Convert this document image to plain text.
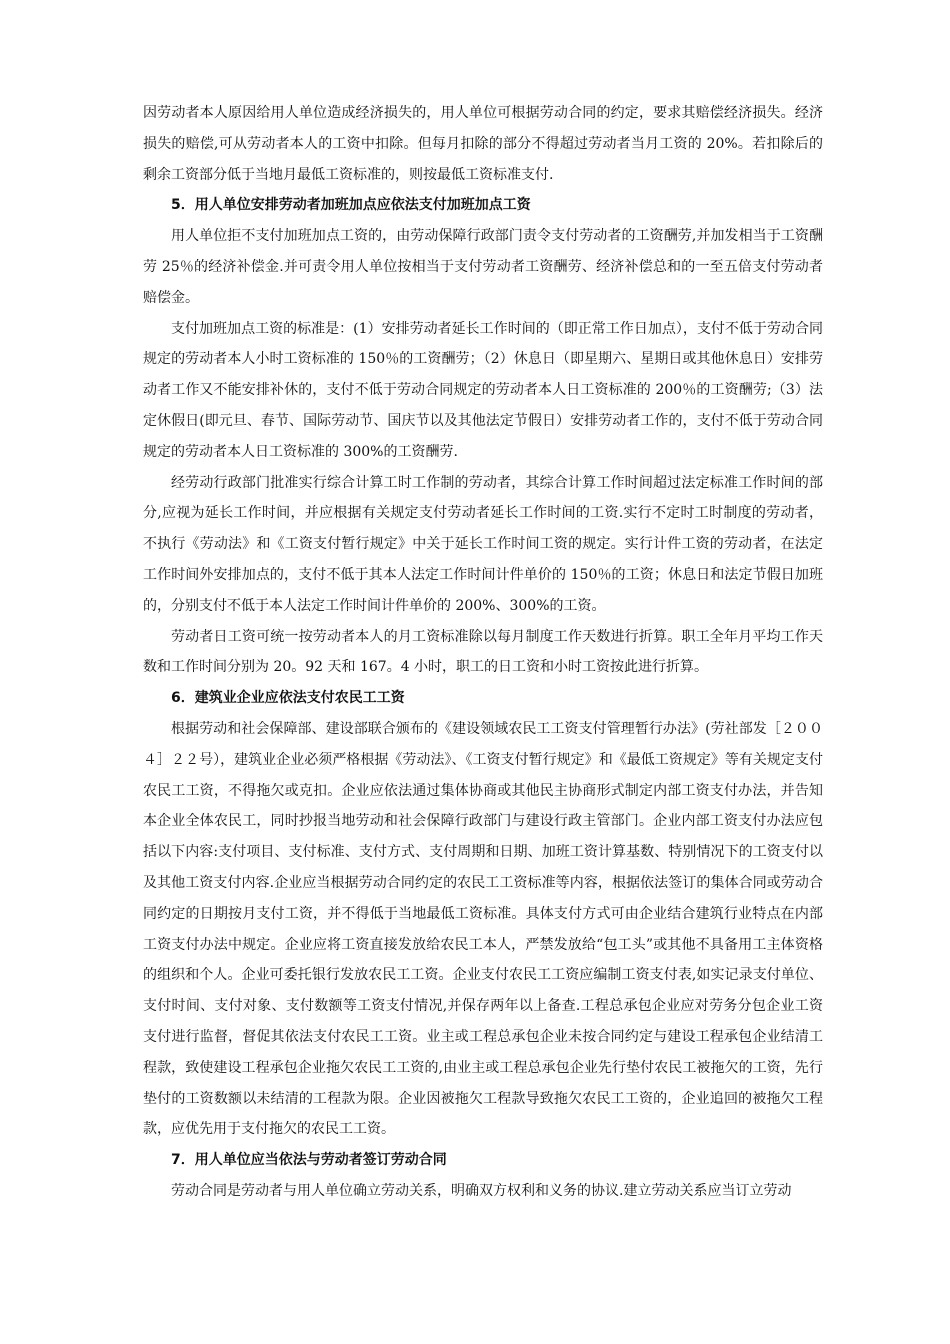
因劳动者本人原因给用人单位造成经济损失的，用人单位可根据劳动合同的约定，要求其赔偿经济损失。经济损失的赔偿,可从劳动者本人的工资中扣除。但每月扣除的部分不得超过劳动者当月工资的 20%。若扣除后的剩余工资部分低于当地月最低工资标准的，则按最低工资标准支付.

5．用人单位安排劳动者加班加点应依法支付加班加点工资

用人单位拒不支付加班加点工资的，由劳动保障行政部门责令支付劳动者的工资酬劳,并加发相当于工资酬劳 25％的经济补偿金.并可责令用人单位按相当于支付劳动者工资酬劳、经济补偿总和的一至五倍支付劳动者赔偿金。

支付加班加点工资的标准是：(1）安排劳动者延长工作时间的（即正常工作日加点），支付不低于劳动合同规定的劳动者本人小时工资标准的 150％的工资酬劳；（2）休息日（即星期六、星期日或其他休息日）安排劳动者工作又不能安排补休的，支付不低于劳动合同规定的劳动者本人日工资标准的 200％的工资酬劳;（3）法定休假日(即元旦、春节、国际劳动节、国庆节以及其他法定节假日）安排劳动者工作的，支付不低于劳动合同规定的劳动者本人日工资标准的 300%的工资酬劳.

经劳动行政部门批准实行综合计算工时工作制的劳动者，其综合计算工作时间超过法定标准工作时间的部分,应视为延长工作时间，并应根据有关规定支付劳动者延长工作时间的工资.实行不定时工时制度的劳动者，不执行《劳动法》和《工资支付暂行规定》中关于延长工作时间工资的规定。实行计件工资的劳动者，在法定工作时间外安排加点的，支付不低于其本人法定工作时间计件单价的 150％的工资；休息日和法定节假日加班的，分别支付不低于本人法定工作时间计件单价的 200%、300%的工资。

劳动者日工资可统一按劳动者本人的月工资标准除以每月制度工作天数进行折算。职工全年月平均工作天数和工作时间分别为 20。92 天和 167。4 小时，职工的日工资和小时工资按此进行折算。

6．建筑业企业应依法支付农民工工资

根据劳动和社会保障部、建设部联合颁布的《建设领域农民工工资支付管理暂行办法》(劳社部发［２００４］２２号），建筑业企业必须严格根据《劳动法》、《工资支付暂行规定》和《最低工资规定》等有关规定支付农民工工资，不得拖欠或克扣。企业应依法通过集体协商或其他民主协商形式制定内部工资支付办法，并告知本企业全体农民工，同时抄报当地劳动和社会保障行政部门与建设行政主管部门。企业内部工资支付办法应包括以下内容:支付项目、支付标准、支付方式、支付周期和日期、加班工资计算基数、特别情况下的工资支付以及其他工资支付内容.企业应当根据劳动合同约定的农民工工资标准等内容，根据依法签订的集体合同或劳动合同约定的日期按月支付工资，并不得低于当地最低工资标准。具体支付方式可由企业结合建筑行业特点在内部工资支付办法中规定。企业应将工资直接发放给农民工本人，严禁发放给“包工头”或其他不具备用工主体资格的组织和个人。企业可委托银行发放农民工工资。企业支付农民工工资应编制工资支付表,如实记录支付单位、支付时间、支付对象、支付数额等工资支付情况,并保存两年以上备查.工程总承包企业应对劳务分包企业工资支付进行监督，督促其依法支付农民工工资。业主或工程总承包企业未按合同约定与建设工程承包企业结清工程款，致使建设工程承包企业拖欠农民工工资的,由业主或工程总承包企业先行垫付农民工被拖欠的工资，先行垫付的工资数额以未结清的工程款为限。企业因被拖欠工程款导致拖欠农民工工资的，企业追回的被拖欠工程款，应优先用于支付拖欠的农民工工资。

7．用人单位应当依法与劳动者签订劳动合同

劳动合同是劳动者与用人单位确立劳动关系，明确双方权利和义务的协议.建立劳动关系应当订立劳动
